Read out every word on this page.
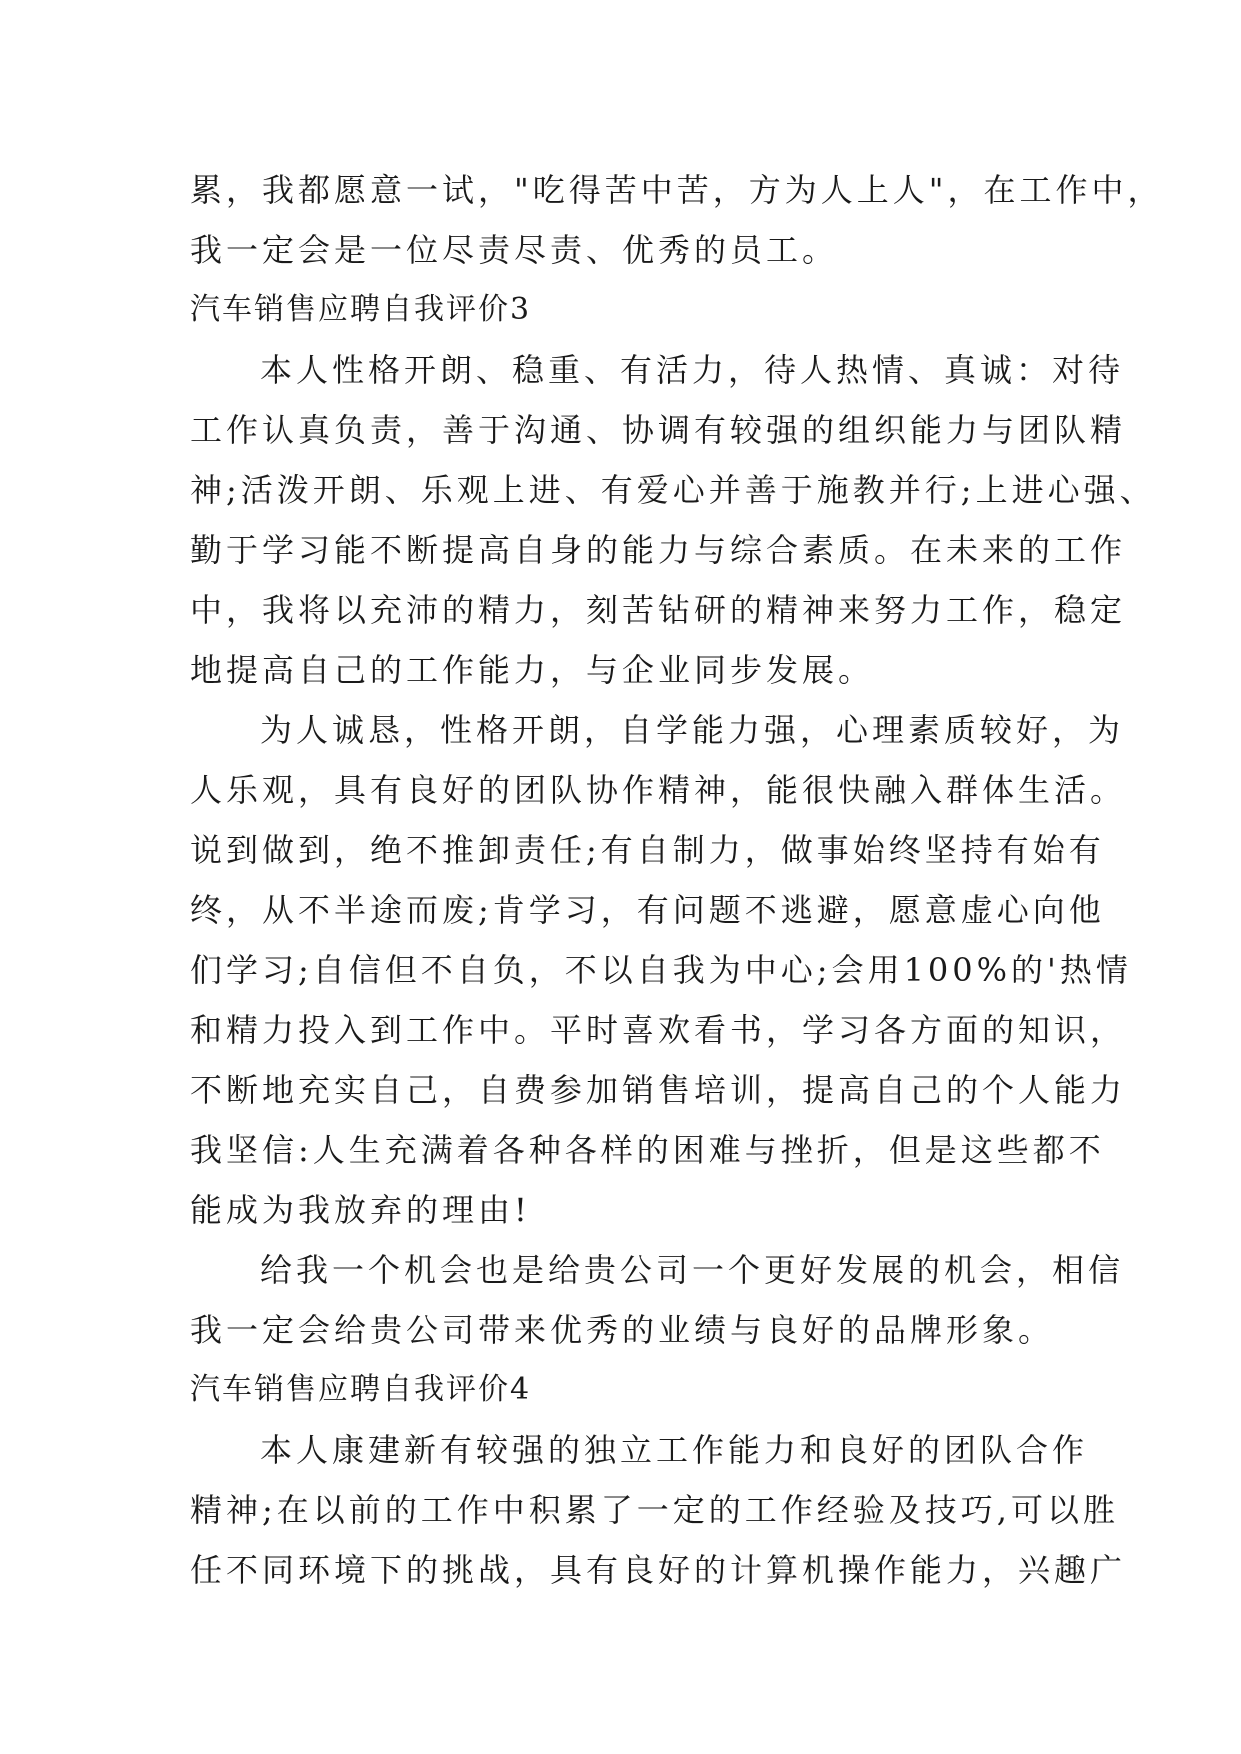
累，我都愿意一试，"吃得苦中苦，方为人上人"，在工作中，
我一定会是一位尽责尽责、优秀的员工。
汽车销售应聘自我评价3
本人性格开朗、稳重、有活力，待人热情、真诚：对待
工作认真负责，善于沟通、协调有较强的组织能力与团队精
神;活泼开朗、乐观上进、有爱心并善于施教并行;上进心强、
勤于学习能不断提高自身的能力与综合素质。在未来的工作
中，我将以充沛的精力，刻苦钻研的精神来努力工作，稳定
地提高自己的工作能力，与企业同步发展。
为人诚恳，性格开朗，自学能力强，心理素质较好，为
人乐观，具有良好的团队协作精神，能很快融入群体生活。
说到做到，绝不推卸责任;有自制力，做事始终坚持有始有
终，从不半途而废;肯学习，有问题不逃避，愿意虚心向他
们学习;自信但不自负，不以自我为中心;会用100%的'热情
和精力投入到工作中。平时喜欢看书，学习各方面的知识，
不断地充实自己，自费参加销售培训，提高自己的个人能力
我坚信:人生充满着各种各样的困难与挫折，但是这些都不
能成为我放弃的理由!
给我一个机会也是给贵公司一个更好发展的机会，相信
我一定会给贵公司带来优秀的业绩与良好的品牌形象。
汽车销售应聘自我评价4
本人康建新有较强的独立工作能力和良好的团队合作
精神;在以前的工作中积累了一定的工作经验及技巧,可以胜
任不同环境下的挑战，具有良好的计算机操作能力，兴趣广
